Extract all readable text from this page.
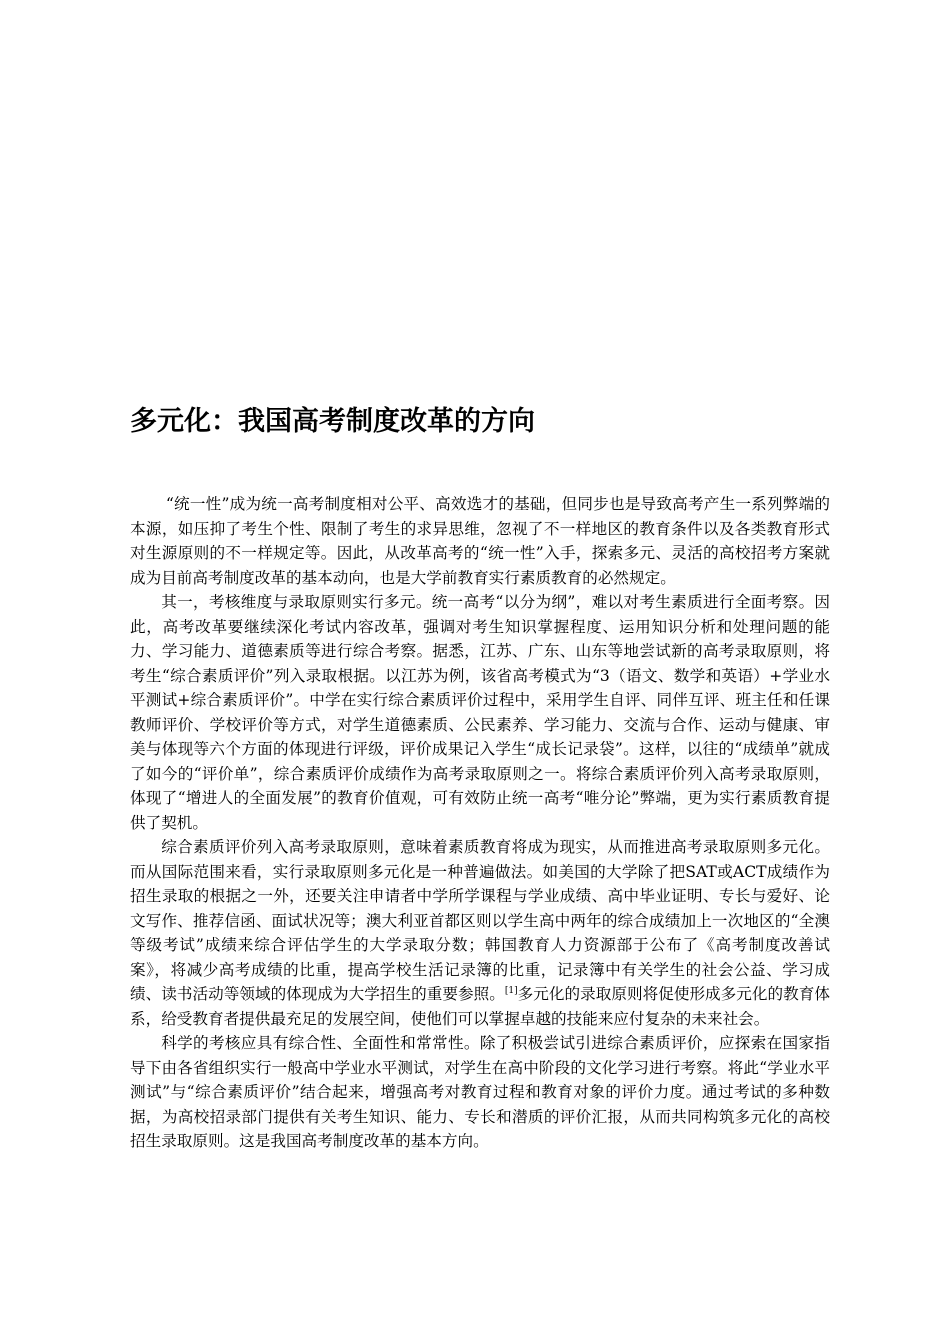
多元化：我国高考制度改革的方向

“统一性”成为统一高考制度相对公平、高效选才的基础，但同步也是导致高考产生一系列弊端的本源，如压抑了考生个性、限制了考生的求异思维，忽视了不一样地区的教育条件以及各类教育形式对生源原则的不一样规定等。因此，从改革高考的“统一性”入手，探索多元、灵活的高校招考方案就成为目前高考制度改革的基本动向，也是大学前教育实行素质教育的必然规定。

其一，考核维度与录取原则实行多元。统一高考“以分为纲”，难以对考生素质进行全面考察。因此，高考改革要继续深化考试内容改革，强调对考生知识掌握程度、运用知识分析和处理问题的能力、学习能力、道德素质等进行综合考察。据悉，江苏、广东、山东等地尝试新的高考录取原则，将考生“综合素质评价”列入录取根据。以江苏为例，该省高考模式为“3（语文、数学和英语）+学业水平测试+综合素质评价”。中学在实行综合素质评价过程中，采用学生自评、同伴互评、班主任和任课教师评价、学校评价等方式，对学生道德素质、公民素养、学习能力、交流与合作、运动与健康、审美与体现等六个方面的体现进行评级，评价成果记入学生“成长记录袋”。这样，以往的“成绩单”就成了如今的“评价单”，综合素质评价成绩作为高考录取原则之一。将综合素质评价列入高考录取原则，体现了“增进人的全面发展”的教育价值观，可有效防止统一高考“唯分论”弊端，更为实行素质教育提供了契机。

综合素质评价列入高考录取原则，意味着素质教育将成为现实，从而推进高考录取原则多元化。而从国际范围来看，实行录取原则多元化是一种普遍做法。如美国的大学除了把SAT或ACT成绩作为招生录取的根据之一外，还要关注申请者中学所学课程与学业成绩、高中毕业证明、专长与爱好、论文写作、推荐信函、面试状况等；澳大利亚首都区则以学生高中两年的综合成绩加上一次地区的“全澳等级考试”成绩来综合评估学生的大学录取分数；韩国教育人力资源部于公布了《高考制度改善试案》，将减少高考成绩的比重，提高学校生活记录簿的比重，记录簿中有关学生的社会公益、学习成绩、读书活动等领域的体现成为大学招生的重要参照。[1]多元化的录取原则将促使形成多元化的教育体系，给受教育者提供最充足的发展空间，使他们可以掌握卓越的技能来应付复杂的未来社会。

科学的考核应具有综合性、全面性和常常性。除了积极尝试引进综合素质评价，应探索在国家指导下由各省组织实行一般高中学业水平测试，对学生在高中阶段的文化学习进行考察。将此“学业水平测试”与“综合素质评价”结合起来，增强高考对教育过程和教育对象的评价力度。通过考试的多种数据，为高校招录部门提供有关考生知识、能力、专长和潜质的评价汇报，从而共同构筑多元化的高校招生录取原则。这是我国高考制度改革的基本方向。
